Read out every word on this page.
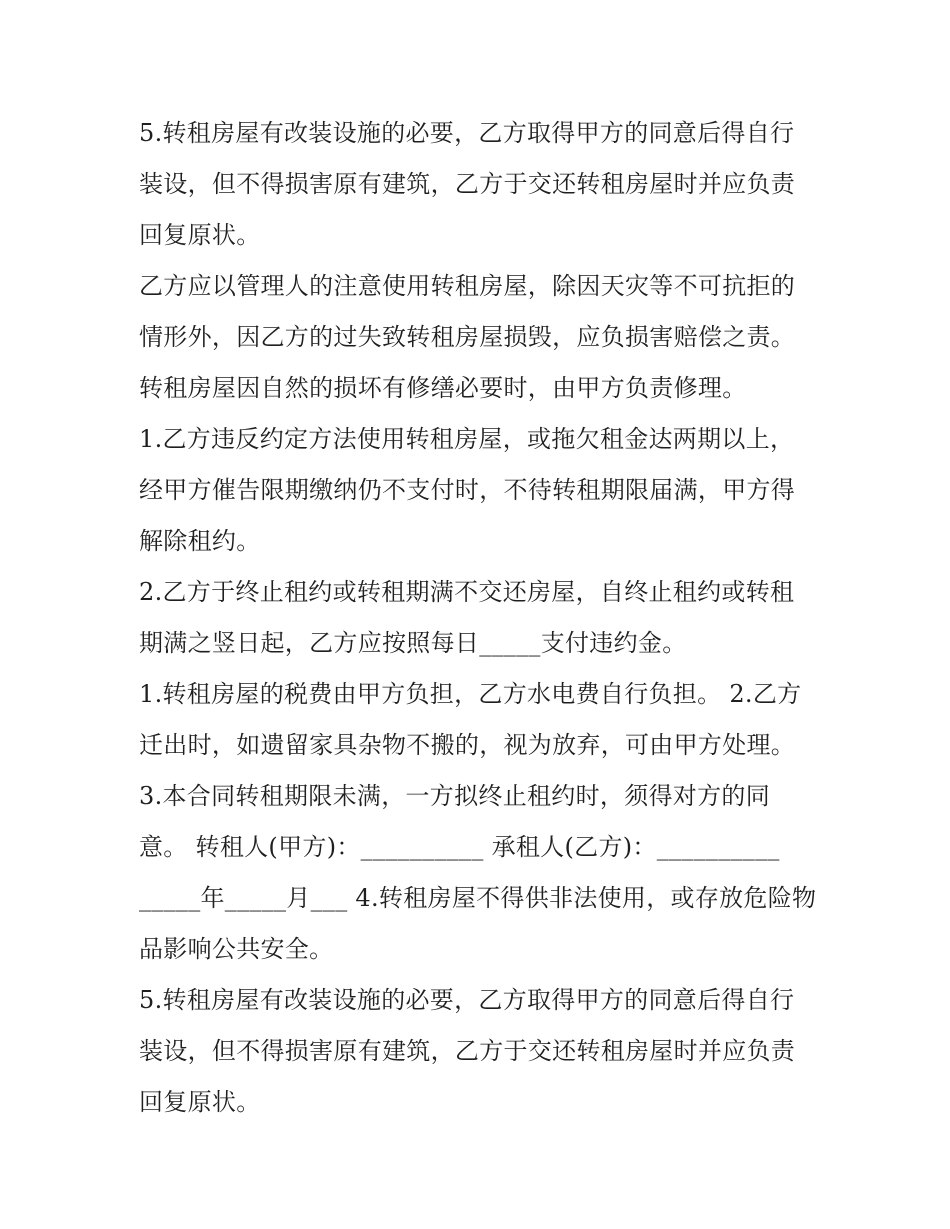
5.转租房屋有改装设施的必要，乙方取得甲方的同意后得自行
装设，但不得损害原有建筑，乙方于交还转租房屋时并应负责
回复原状。
乙方应以管理人的注意使用转租房屋，除因天灾等不可抗拒的
情形外，因乙方的过失致转租房屋损毁，应负损害赔偿之责。
转租房屋因自然的损坏有修缮必要时，由甲方负责修理。
1.乙方违反约定方法使用转租房屋，或拖欠租金达两期以上，
经甲方催告限期缴纳仍不支付时，不待转租期限届满，甲方得
解除租约。
2.乙方于终止租约或转租期满不交还房屋，自终止租约或转租
期满之竖日起，乙方应按照每日_____支付违约金。
1.转租房屋的税费由甲方负担，乙方水电费自行负担。 2.乙方
迁出时，如遗留家具杂物不搬的，视为放弃，可由甲方处理。
3.本合同转租期限未满，一方拟终止租约时，须得对方的同
意。 转租人(甲方)：__________ 承租人(乙方)：__________
_____年_____月___ 4.转租房屋不得供非法使用，或存放危险物
品影响公共安全。
5.转租房屋有改装设施的必要，乙方取得甲方的同意后得自行
装设，但不得损害原有建筑，乙方于交还转租房屋时并应负责
回复原状。
